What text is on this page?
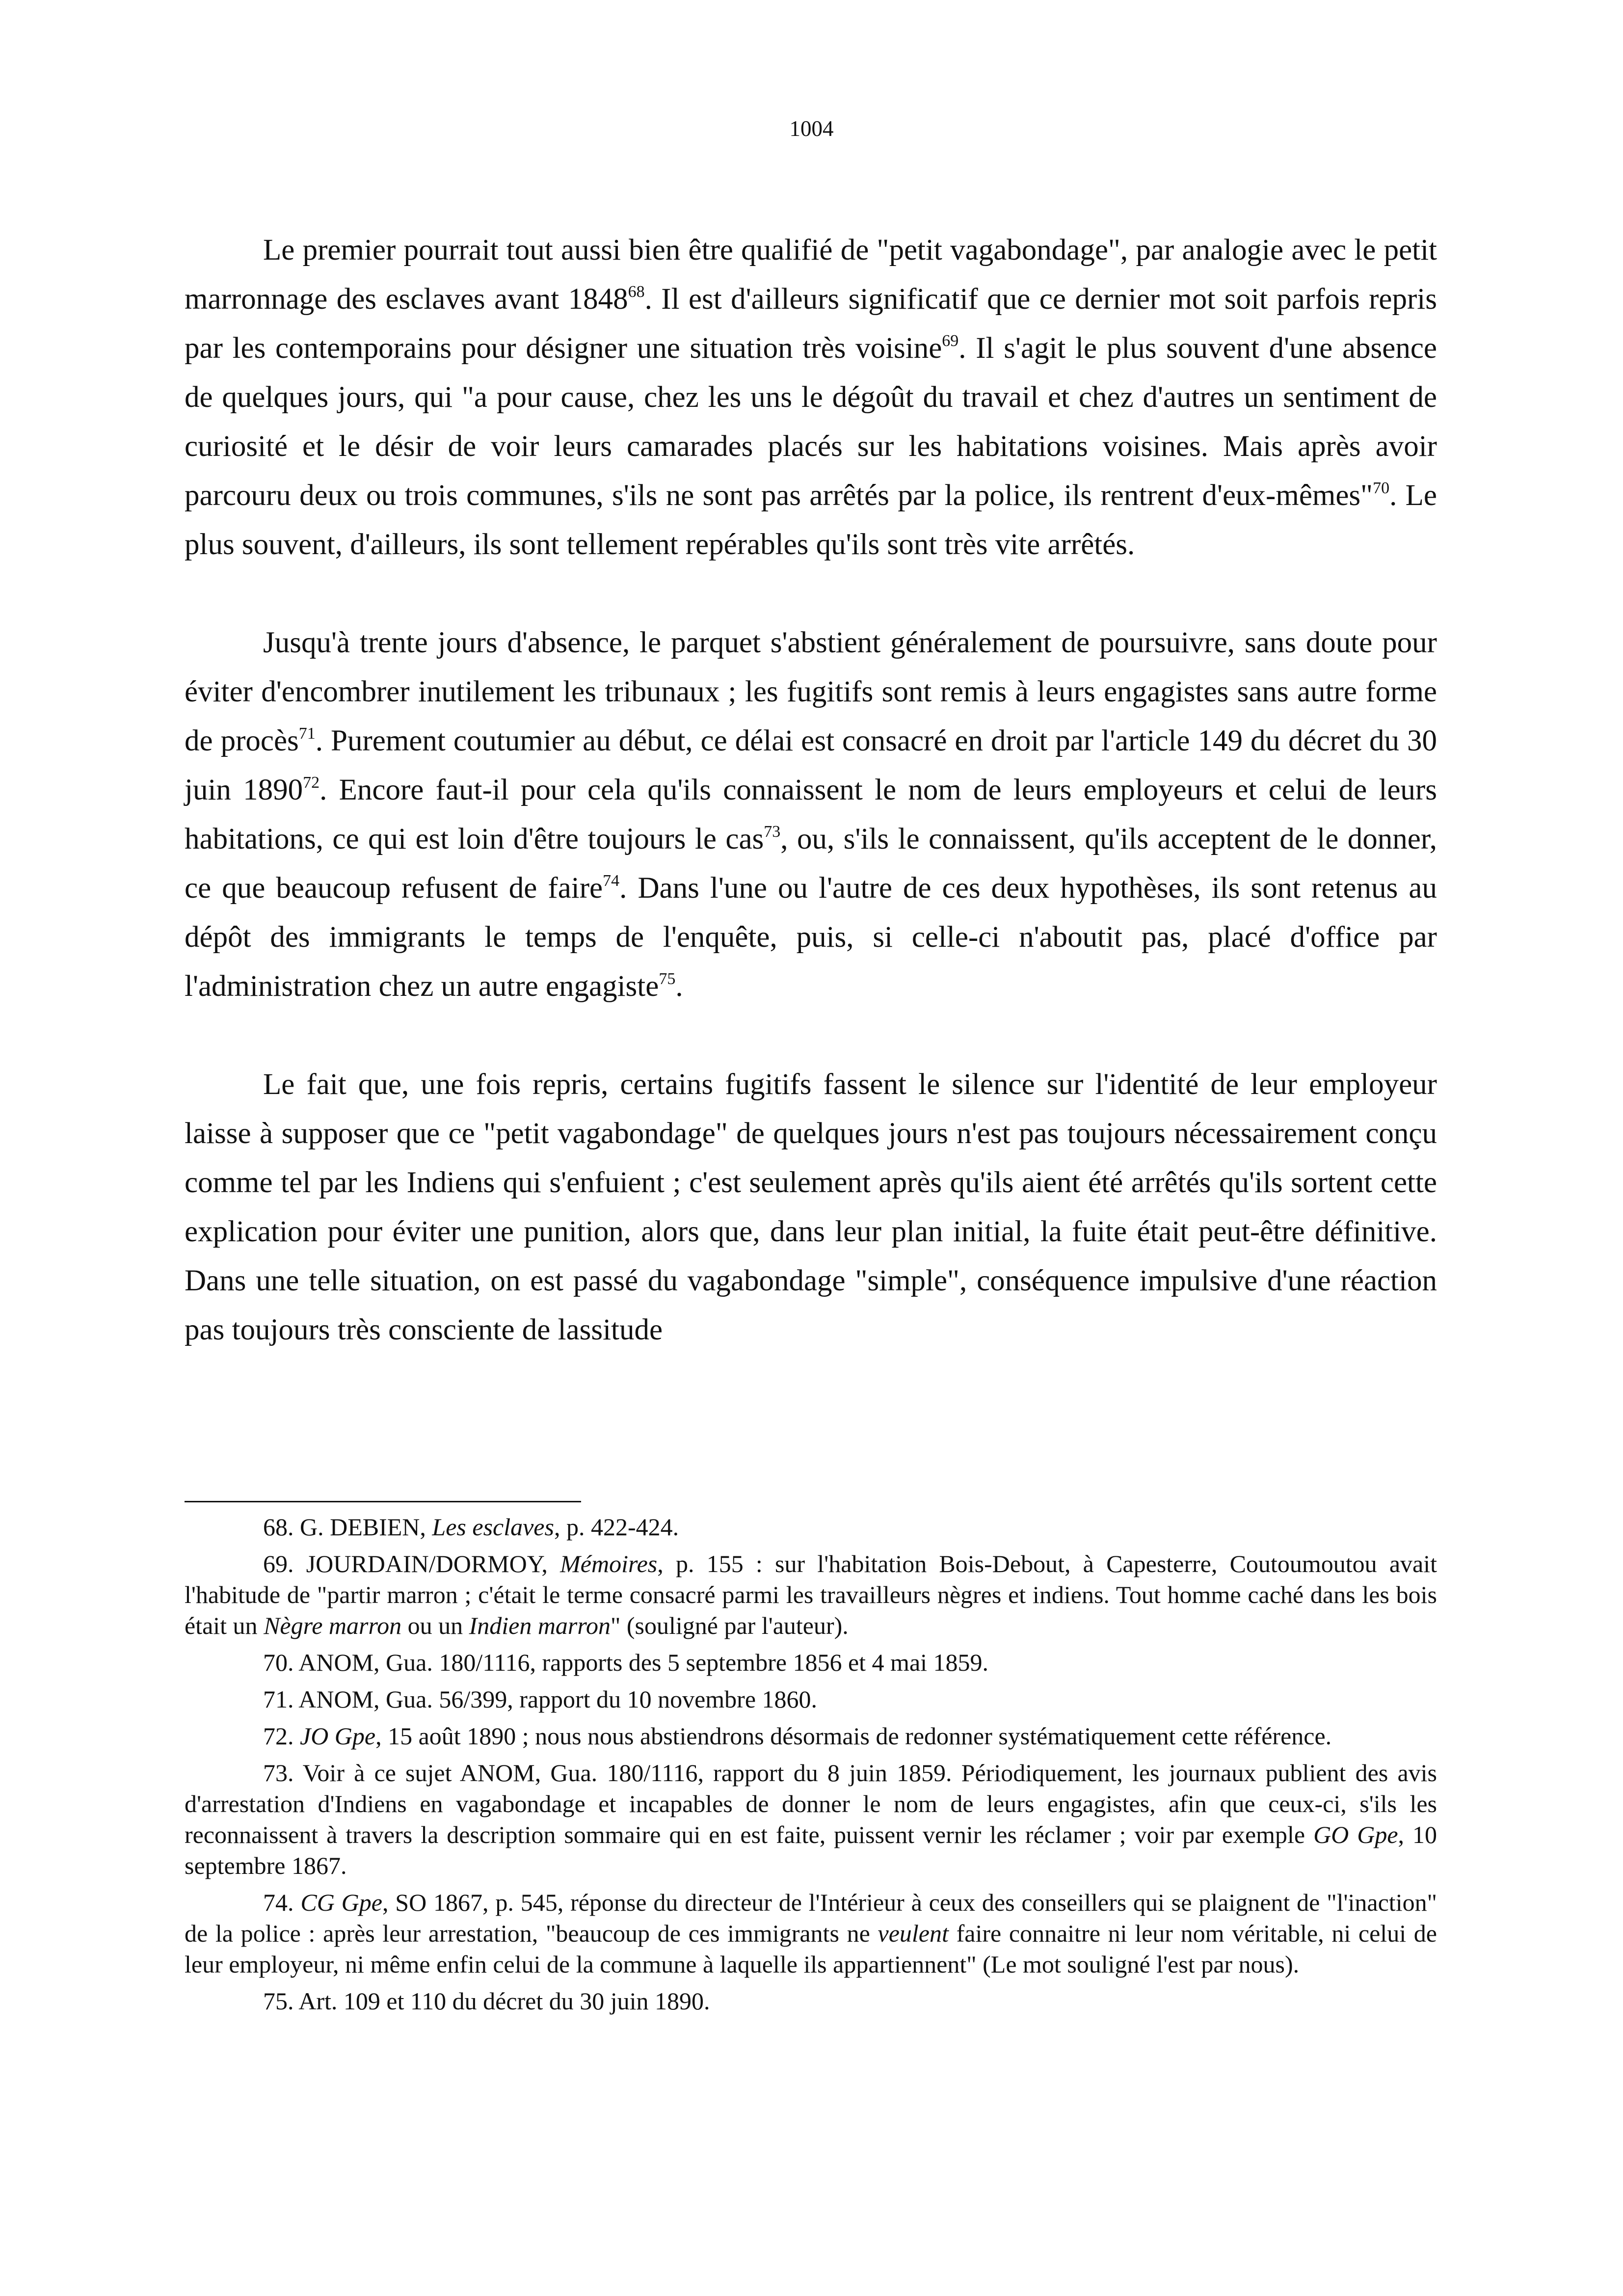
1004

Le premier pourrait tout aussi bien être qualifié de "petit vagabondage", par analogie avec le petit marronnage des esclaves avant 1848$^{68}$. Il est d'ailleurs significatif que ce dernier mot soit parfois repris par les contemporains pour désigner une situation très voisine$^{69}$. Il s'agit le plus souvent d'une absence de quelques jours, qui "a pour cause, chez les uns le dégoût du travail et chez d'autres un sentiment de curiosité et le désir de voir leurs camarades placés sur les habitations voisines. Mais après avoir parcouru deux ou trois communes, s'ils ne sont pas arrêtés par la police, ils rentrent d'eux-mêmes"$^{70}$. Le plus souvent, d'ailleurs, ils sont tellement repérables qu'ils sont très vite arrêtés.

Jusqu'à trente jours d'absence, le parquet s'abstient généralement de poursuivre, sans doute pour éviter d'encombrer inutilement les tribunaux ; les fugitifs sont remis à leurs engagistes sans autre forme de procès$^{71}$. Purement coutumier au début, ce délai est consacré en droit par l'article 149 du décret du 30 juin 1890$^{72}$. Encore faut-il pour cela qu'ils connaissent le nom de leurs employeurs et celui de leurs habitations, ce qui est loin d'être toujours le cas$^{73}$, ou, s'ils le connaissent, qu'ils acceptent de le donner, ce que beaucoup refusent de faire$^{74}$. Dans l'une ou l'autre de ces deux hypothèses, ils sont retenus au dépôt des immigrants le temps de l'enquête, puis, si celle-ci n'aboutit pas, placé d'office par l'administration chez un autre engagiste$^{75}$.

Le fait que, une fois repris, certains fugitifs fassent le silence sur l'identité de leur employeur laisse à supposer que ce "petit vagabondage" de quelques jours n'est pas toujours nécessairement conçu comme tel par les Indiens qui s'enfuient ; c'est seulement après qu'ils aient été arrêtés qu'ils sortent cette explication pour éviter une punition, alors que, dans leur plan initial, la fuite était peut-être définitive. Dans une telle situation, on est passé du vagabondage "simple", conséquence impulsive d'une réaction pas toujours très consciente de lassitude

68. G. DEBIEN, Les esclaves, p. 422-424.
69. JOURDAIN/DORMOY, Mémoires, p. 155 : sur l'habitation Bois-Debout, à Capesterre, Coutoumoutou avait l'habitude de "partir marron ; c'était le terme consacré parmi les travailleurs nègres et indiens. Tout homme caché dans les bois était un Nègre marron ou un Indien marron" (souligné par l'auteur).
70. ANOM, Gua. 180/1116, rapports des 5 septembre 1856 et 4 mai 1859.
71. ANOM, Gua. 56/399, rapport du 10 novembre 1860.
72. JO Gpe, 15 août 1890 ; nous nous abstiendrons désormais de redonner systématiquement cette référence.
73. Voir à ce sujet ANOM, Gua. 180/1116, rapport du 8 juin 1859. Périodiquement, les journaux publient des avis d'arrestation d'Indiens en vagabondage et incapables de donner le nom de leurs engagistes, afin que ceux-ci, s'ils les reconnaissent à travers la description sommaire qui en est faite, puissent vernir les réclamer ; voir par exemple GO Gpe, 10 septembre 1867.
74. CG Gpe, SO 1867, p. 545, réponse du directeur de l'Intérieur à ceux des conseillers qui se plaignent de "l'inaction" de la police : après leur arrestation, "beaucoup de ces immigrants ne veulent faire connaitre ni leur nom véritable, ni celui de leur employeur, ni même enfin celui de la commune à laquelle ils appartiennent" (Le mot souligné l'est par nous).
75. Art. 109 et 110 du décret du 30 juin 1890.
